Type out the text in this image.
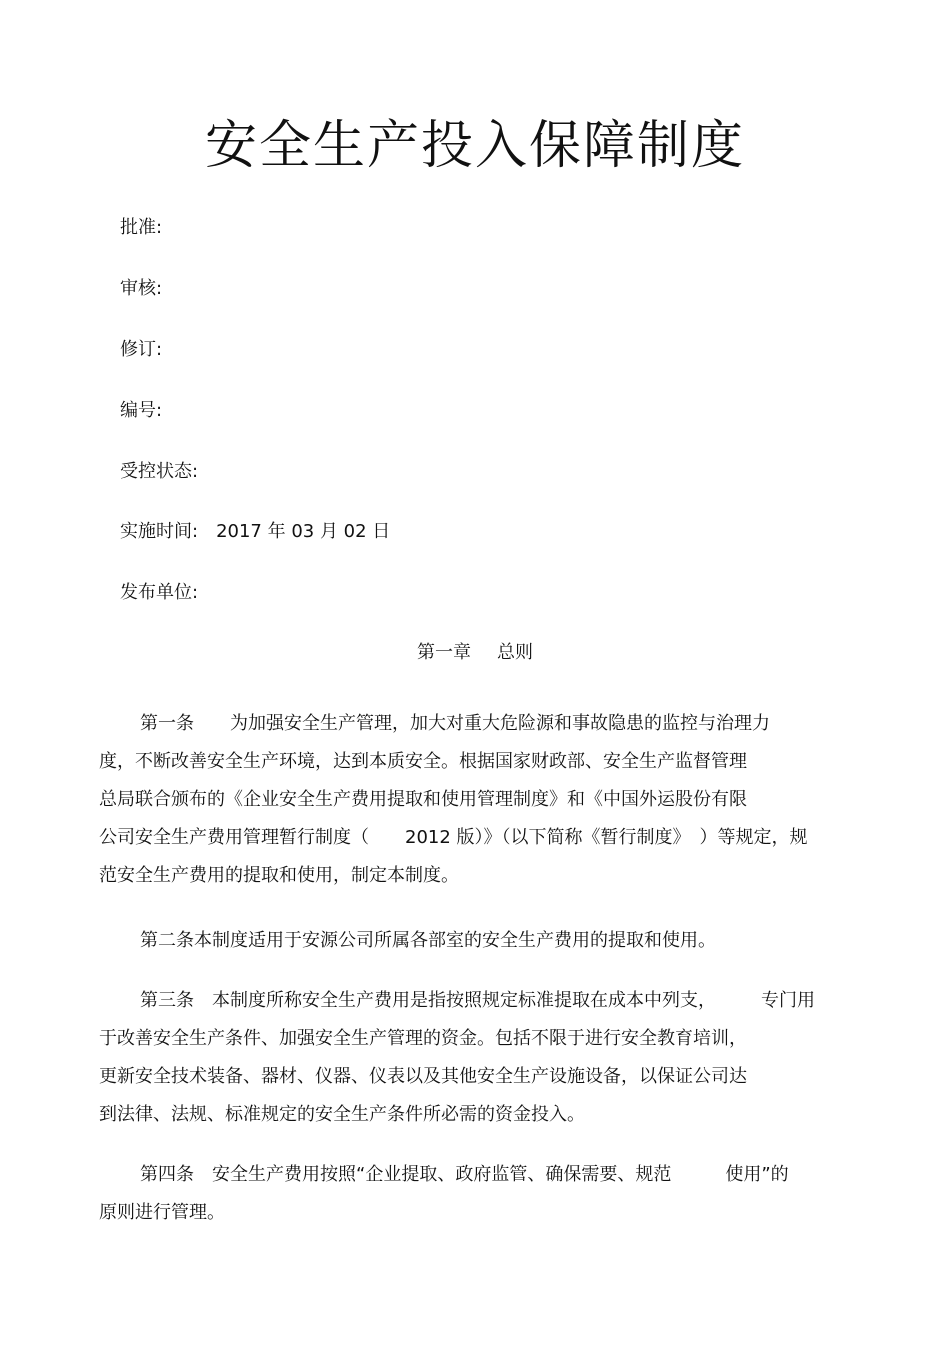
安全生产投入保障制度
批准:
审核:
修订:
编号:
受控状态:
实施时间: 2017 年 03 月 02 日
发布单位:
第一章 总则
第一条　　为加强安全生产管理，加大对重大危险源和事故隐患的监控与治理力
度，不断改善安全生产环境，达到本质安全。根据国家财政部、安全生产监督管理
总局联合颁布的《企业安全生产费用提取和使用管理制度》和《中国外运股份有限
公司安全生产费用管理暂行制度（　　2012 版）》（以下简称《暂行制度》　）等规定，规
范安全生产费用的提取和使用，制定本制度。
第二条本制度适用于安源公司所属各部室的安全生产费用的提取和使用。
第三条　本制度所称安全生产费用是指按照规定标准提取在成本中列支，　　　专门用
于改善安全生产条件、加强安全生产管理的资金。包括不限于进行安全教育培训，
更新安全技术装备、器材、仪器、仪表以及其他安全生产设施设备，以保证公司达
到法律、法规、标准规定的安全生产条件所必需的资金投入。
第四条　安全生产费用按照“企业提取、政府监管、确保需要、规范　　　使用”的
原则进行管理。
